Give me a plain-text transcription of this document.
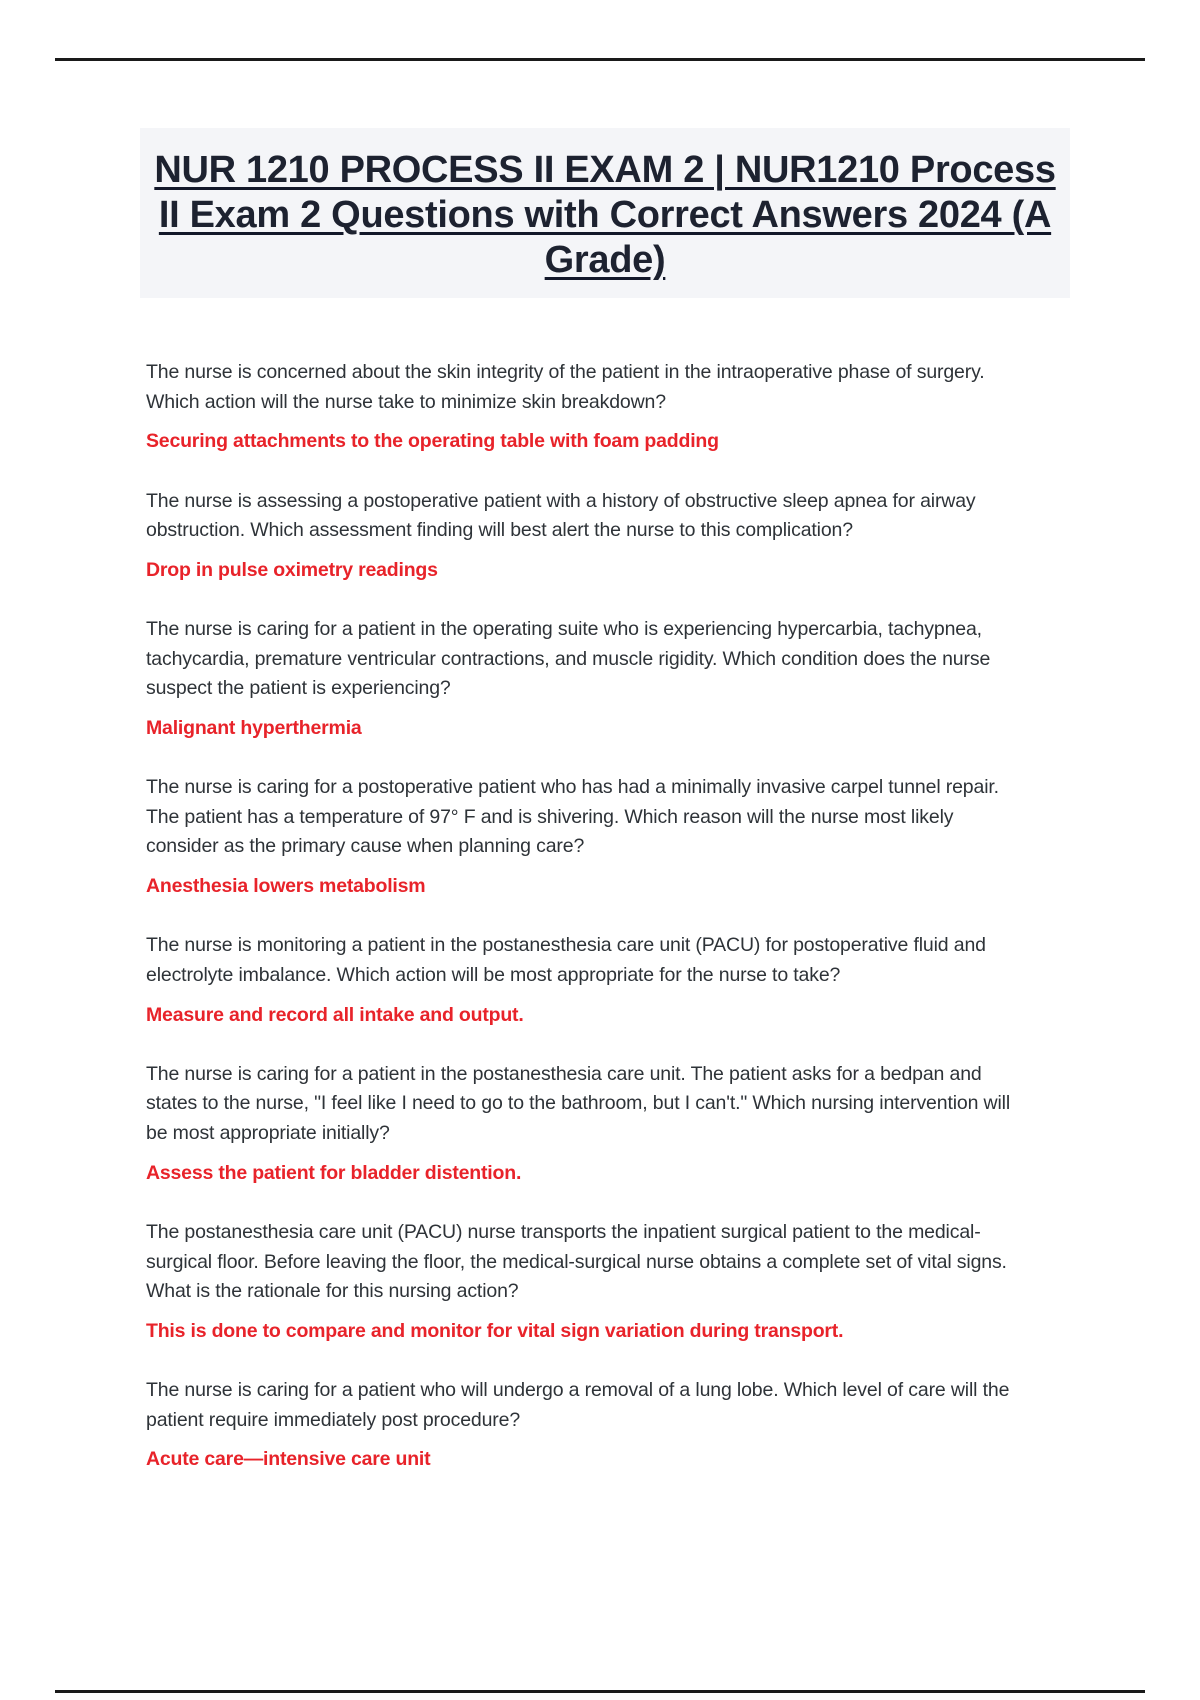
NUR 1210 PROCESS II EXAM 2 | NUR1210 Process II Exam 2 Questions with Correct Answers 2024 (A Grade)

The nurse is concerned about the skin integrity of the patient in the intraoperative phase of surgery. Which action will the nurse take to minimize skin breakdown?

Securing attachments to the operating table with foam padding

The nurse is assessing a postoperative patient with a history of obstructive sleep apnea for airway obstruction. Which assessment finding will best alert the nurse to this complication?

Drop in pulse oximetry readings

The nurse is caring for a patient in the operating suite who is experiencing hypercarbia, tachypnea, tachycardia, premature ventricular contractions, and muscle rigidity. Which condition does the nurse suspect the patient is experiencing?

Malignant hyperthermia

The nurse is caring for a postoperative patient who has had a minimally invasive carpel tunnel repair. The patient has a temperature of 97° F and is shivering. Which reason will the nurse most likely consider as the primary cause when planning care?

Anesthesia lowers metabolism

The nurse is monitoring a patient in the postanesthesia care unit (PACU) for postoperative fluid and electrolyte imbalance. Which action will be most appropriate for the nurse to take?

Measure and record all intake and output.

The nurse is caring for a patient in the postanesthesia care unit. The patient asks for a bedpan and states to the nurse, "I feel like I need to go to the bathroom, but I can't." Which nursing intervention will be most appropriate initially?

Assess the patient for bladder distention.

The postanesthesia care unit (PACU) nurse transports the inpatient surgical patient to the medical-surgical floor. Before leaving the floor, the medical-surgical nurse obtains a complete set of vital signs. What is the rationale for this nursing action?

This is done to compare and monitor for vital sign variation during transport.

The nurse is caring for a patient who will undergo a removal of a lung lobe. Which level of care will the patient require immediately post procedure?

Acute care—intensive care unit
